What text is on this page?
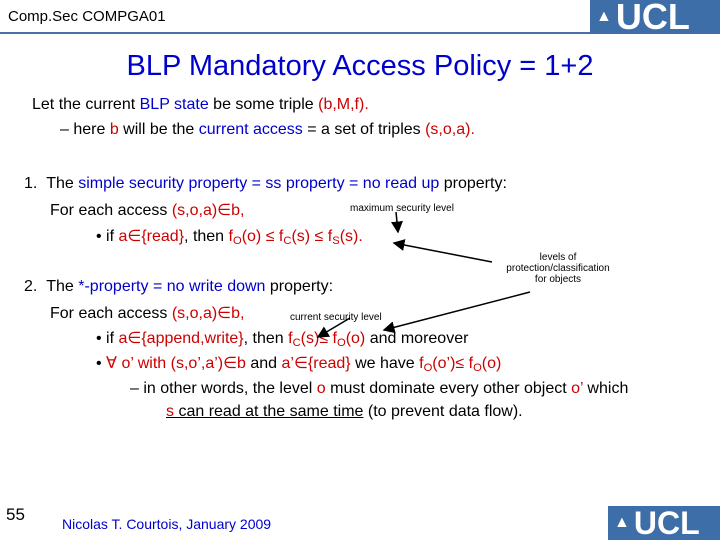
Comp.Sec COMPGA01	▲ UCL
BLP Mandatory Access Policy = 1+2
Let the current BLP state be some triple (b,M,f).
– here b will be the current access = a set of triples (s,o,a).
1. The simple security property = ss property = no read up property:
maximum security level
For each access (s,o,a)∈b,
• if a∈{read}, then $f_O(o) \le f_C(s) \le f_S(s)$.
levels of
protection/classification
for objects
2. The *-property = no write down property:
For each access (s,o,a)∈b,	current security level
• if a∈{append,write}, then $f_C(s)\le f_O(o)$ and moreover
• ∀ o’ with (s,o’,a’)∈b and a’∈{read} we have $f_O(o’)\le f_O(o)$
– in other words, the level o must dominate every other object o’ which
s can read at the same time (to prevent data flow).
55	Nicolas T. Courtois, January 2009	▲ UCL
